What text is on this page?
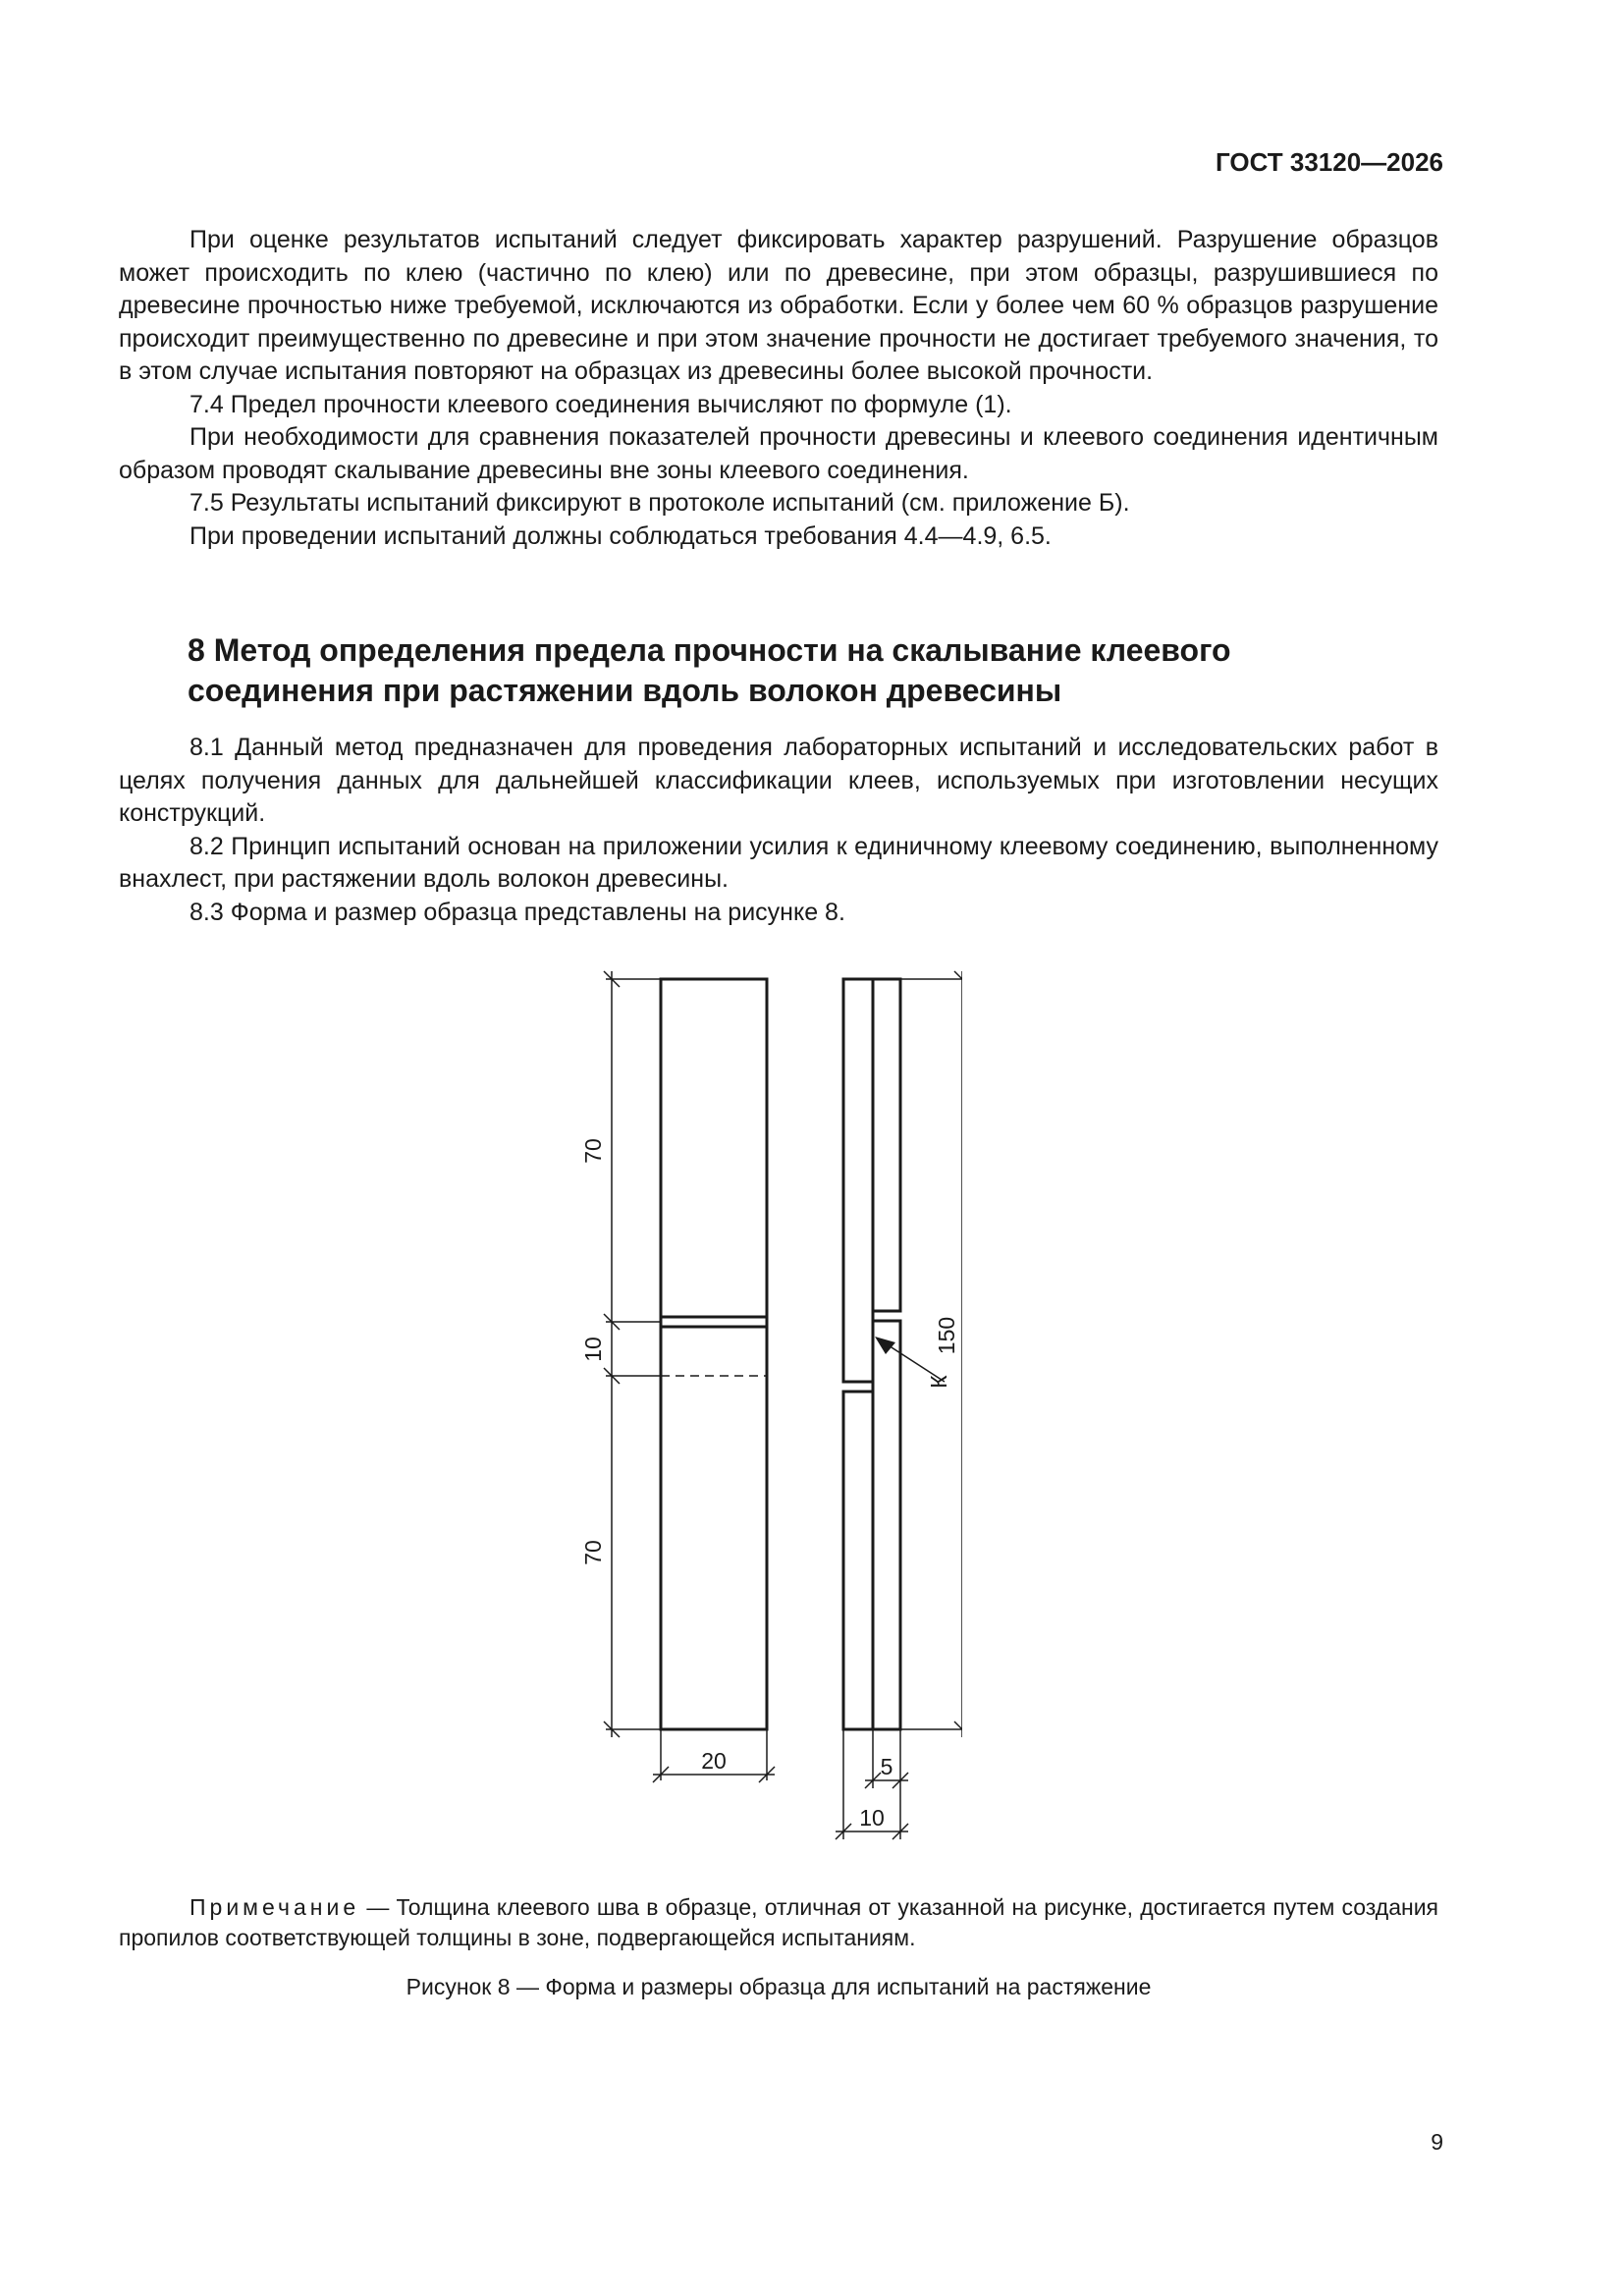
ГОСТ 33120—2026

При оценке результатов испытаний следует фиксировать характер разрушений. Разрушение образцов может происходить по клею (частично по клею) или по древесине, при этом образцы, разрушившиеся по древесине прочностью ниже требуемой, исключаются из обработки. Если у более чем 60 % образцов разрушение происходит преимущественно по древесине и при этом значение прочности не достигает требуемого значения, то в этом случае испытания повторяют на образцах из древесины более высокой прочности.

7.4 Предел прочности клеевого соединения вычисляют по формуле (1).

При необходимости для сравнения показателей прочности древесины и клеевого соединения идентичным образом проводят скалывание древесины вне зоны клеевого соединения.

7.5 Результаты испытаний фиксируют в протоколе испытаний (см. приложение Б).

При проведении испытаний должны соблюдаться требования 4.4—4.9, 6.5.

8 Метод определения предела прочности на скалывание клеевого
соединения при растяжении вдоль волокон древесины

8.1 Данный метод предназначен для проведения лабораторных испытаний и исследовательских работ в целях получения данных для дальнейшей классификации клеев, используемых при изготовлении несущих конструкций.

8.2 Принцип испытаний основан на приложении усилия к единичному клеевому соединению, выполненному внахлест, при растяжении вдоль волокон древесины.

8.3 Форма и размер образца представлены на рисунке 8.

70
10
70
150
К
20	5
10

Примечание — Толщина клеевого шва в образце, отличная от указанной на рисунке, достигается путем создания пропилов соответствующей толщины в зоне, подвергающейся испытаниям.

Рисунок 8 — Форма и размеры образца для испытаний на растяжение
9
